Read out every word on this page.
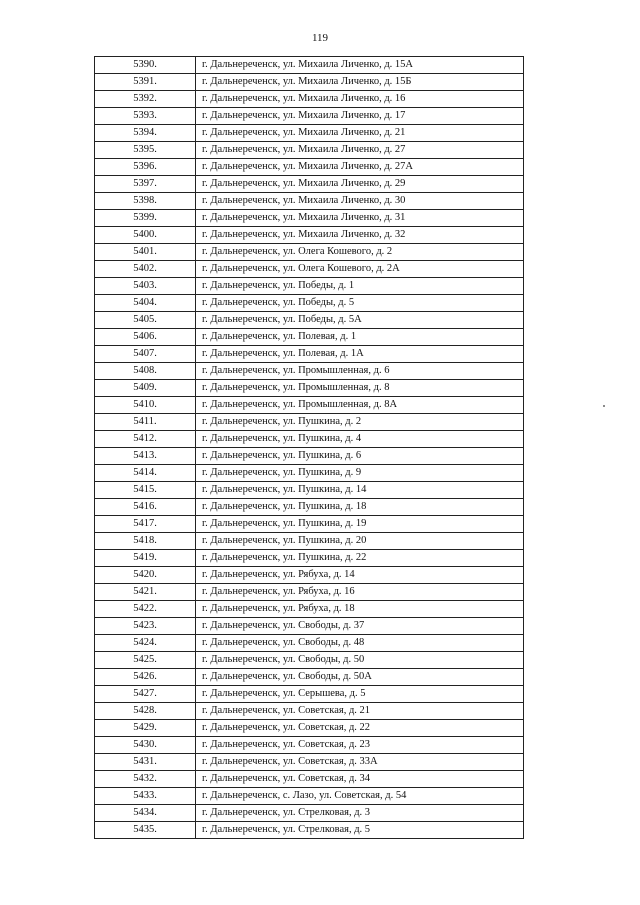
119
5390.	г. Дальнереченск, ул. Михаила Личенко, д. 15А
5391.	г. Дальнереченск, ул. Михаила Личенко, д. 15Б
5392.	г. Дальнереченск, ул. Михаила Личенко, д. 16
5393.	г. Дальнереченск, ул. Михаила Личенко, д. 17
5394.	г. Дальнереченск, ул. Михаила Личенко, д. 21
5395.	г. Дальнереченск, ул. Михаила Личенко, д. 27
5396.	г. Дальнереченск, ул. Михаила Личенко, д. 27А
5397.	г. Дальнереченск, ул. Михаила Личенко, д. 29
5398.	г. Дальнереченск, ул. Михаила Личенко, д. 30
5399.	г. Дальнереченск, ул. Михаила Личенко, д. 31
5400.	г. Дальнереченск, ул. Михаила Личенко, д. 32
5401.	г. Дальнереченск, ул. Олега Кошевого, д. 2
5402.	г. Дальнереченск, ул. Олега Кошевого, д. 2А
5403.	г. Дальнереченск, ул. Победы, д. 1
5404.	г. Дальнереченск, ул. Победы, д. 5
5405.	г. Дальнереченск, ул. Победы, д. 5А
5406.	г. Дальнереченск, ул. Полевая, д. 1
5407.	г. Дальнереченск, ул. Полевая, д. 1А
5408.	г. Дальнереченск, ул. Промышленная, д. 6
5409.	г. Дальнереченск, ул. Промышленная, д. 8
5410.	г. Дальнереченск, ул. Промышленная, д. 8А
5411.	г. Дальнереченск, ул. Пушкина, д. 2
5412.	г. Дальнереченск, ул. Пушкина, д. 4
5413.	г. Дальнереченск, ул. Пушкина, д. 6
5414.	г. Дальнереченск, ул. Пушкина, д. 9
5415.	г. Дальнереченск, ул. Пушкина, д. 14
5416.	г. Дальнереченск, ул. Пушкина, д. 18
5417.	г. Дальнереченск, ул. Пушкина, д. 19
5418.	г. Дальнереченск, ул. Пушкина, д. 20
5419.	г. Дальнереченск, ул. Пушкина, д. 22
5420.	г. Дальнереченск, ул. Рябуха, д. 14
5421.	г. Дальнереченск, ул. Рябуха, д. 16
5422.	г. Дальнереченск, ул. Рябуха, д. 18
5423.	г. Дальнереченск, ул. Свободы, д. 37
5424.	г. Дальнереченск, ул. Свободы, д. 48
5425.	г. Дальнереченск, ул. Свободы, д. 50
5426.	г. Дальнереченск, ул. Свободы, д. 50А
5427.	г. Дальнереченск, ул. Серышева, д. 5
5428.	г. Дальнереченск, ул. Советская, д. 21
5429.	г. Дальнереченск, ул. Советская, д. 22
5430.	г. Дальнереченск, ул. Советская, д. 23
5431.	г. Дальнереченск, ул. Советская, д. 33А
5432.	г. Дальнереченск, ул. Советская, д. 34
5433.	г. Дальнереченск, с. Лазо, ул. Советская, д. 54
5434.	г. Дальнереченск, ул. Стрелковая, д. 3
5435.	г. Дальнереченск, ул. Стрелковая, д. 5
